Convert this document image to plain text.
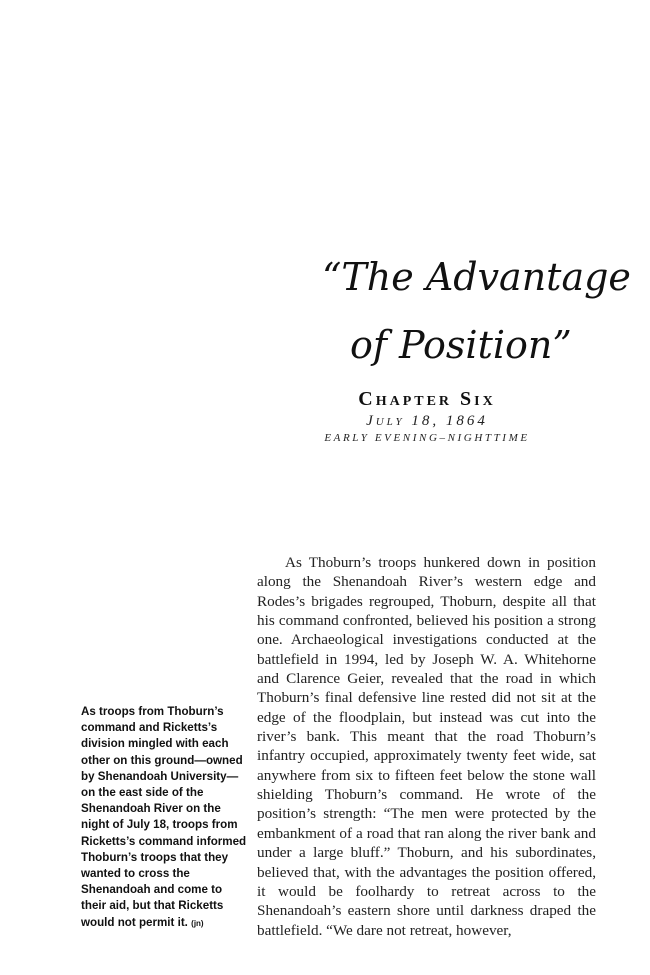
“The Advantage
of Position”
Chapter Six
July 18, 1864
EARLY EVENING–NIGHTTIME
As troops from Thoburn’s command and Ricketts’s division mingled with each other on this ground—owned by Shenandoah University—on the east side of the Shenandoah River on the night of July 18, troops from Ricketts’s command informed Thoburn’s troops that they wanted to cross the Shenandoah and come to their aid, but that Ricketts would not permit it. (jn)

As Thoburn’s troops hunkered down in position along the Shenandoah River’s western edge and Rodes’s brigades regrouped, Thoburn, despite all that his command confronted, believed his position a strong one. Archaeological investigations conducted at the battlefield in 1994, led by Joseph W. A. Whitehorne and Clarence Geier, revealed that the road in which Thoburn’s final defensive line rested did not sit at the edge of the floodplain, but instead was cut into the river’s bank. This meant that the road Thoburn’s infantry occupied, approximately twenty feet wide, sat anywhere from six to fifteen feet below the stone wall shielding Thoburn’s command. He wrote of the position’s strength: “The men were protected by the embankment of a road that ran along the river bank and under a large bluff.” Thoburn, and his subordinates, believed that, with the advantages the position offered, it would be foolhardy to retreat across to the Shenandoah’s eastern shore until darkness draped the battlefield. “We dare not retreat, however,
